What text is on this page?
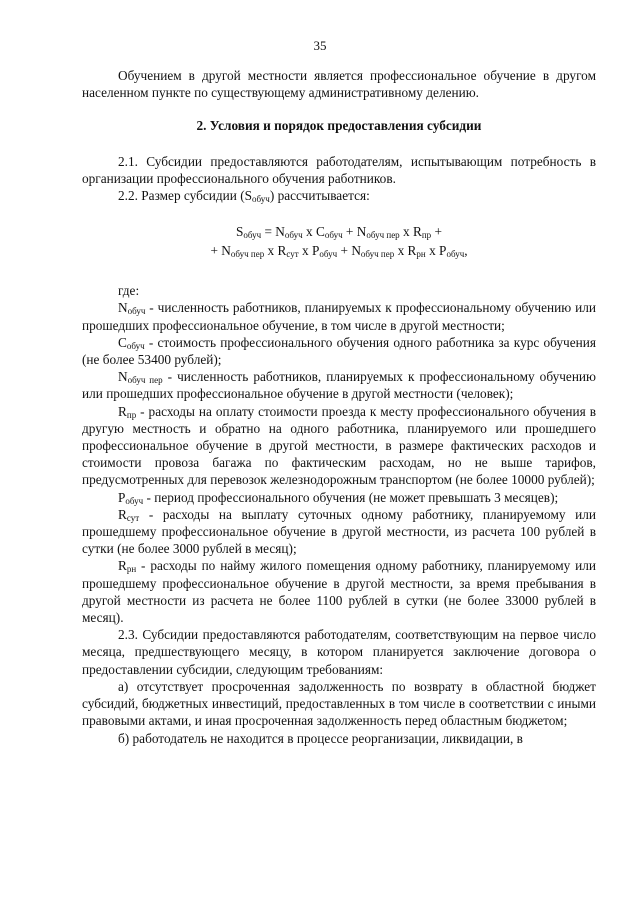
35

Обучением в другой местности является профессиональное обучение в другом населенном пункте по существующему административному делению.

2. Условия и порядок предоставления субсидии

2.1. Субсидии предоставляются работодателям, испытывающим потребность в организации профессионального обучения работников.

2.2. Размер субсидии $(S_{обуч})$ рассчитывается:

$S_{обуч} = N_{обуч}$ x $C_{обуч} + N_{обуч пер}$ x $R_{пр}$ +
+ $N_{обуч пер}$ x $R_{сут}$ x $P_{обуч} + N_{обуч пер}$ x $R_{рн}$ x $P_{обуч}$,

где:

$N_{обуч}$ - численность работников, планируемых к профессиональному обучению или прошедших профессиональное обучение, в том числе в другой местности;

$C_{обуч}$ - стоимость профессионального обучения одного работника за курс обучения (не более 53400 рублей);

$N_{обуч пер}$ - численность работников, планируемых к профессиональному обучению или прошедших профессиональное обучение в другой местности (человек);

$R_{пр}$ - расходы на оплату стоимости проезда к месту профессионального обучения в другую местность и обратно на одного работника, планируемого или прошедшего профессиональное обучение в другой местности, в размере фактических расходов и стоимости провоза багажа по фактическим расходам, но не выше тарифов, предусмотренных для перевозок железнодорожным транспортом (не более 10000 рублей);

$P_{обуч}$ - период профессионального обучения (не может превышать 3 месяцев);

$R_{сут}$ - расходы на выплату суточных одному работнику, планируемому или прошедшему профессиональное обучение в другой местности, из расчета 100 рублей в сутки (не более 3000 рублей в месяц);

$R_{рн}$ - расходы по найму жилого помещения одному работнику, планируемому или прошедшему профессиональное обучение в другой местности, за время пребывания в другой местности из расчета не более 1100 рублей в сутки (не более 33000 рублей в месяц).

2.3. Субсидии предоставляются работодателям, соответствующим на первое число месяца, предшествующего месяцу, в котором планируется заключение договора о предоставлении субсидии, следующим требованиям:

а) отсутствует просроченная задолженность по возврату в областной бюджет субсидий, бюджетных инвестиций, предоставленных в том числе в соответствии с иными правовыми актами, и иная просроченная задолженность перед областным бюджетом;

б) работодатель не находится в процессе реорганизации, ликвидации, в
